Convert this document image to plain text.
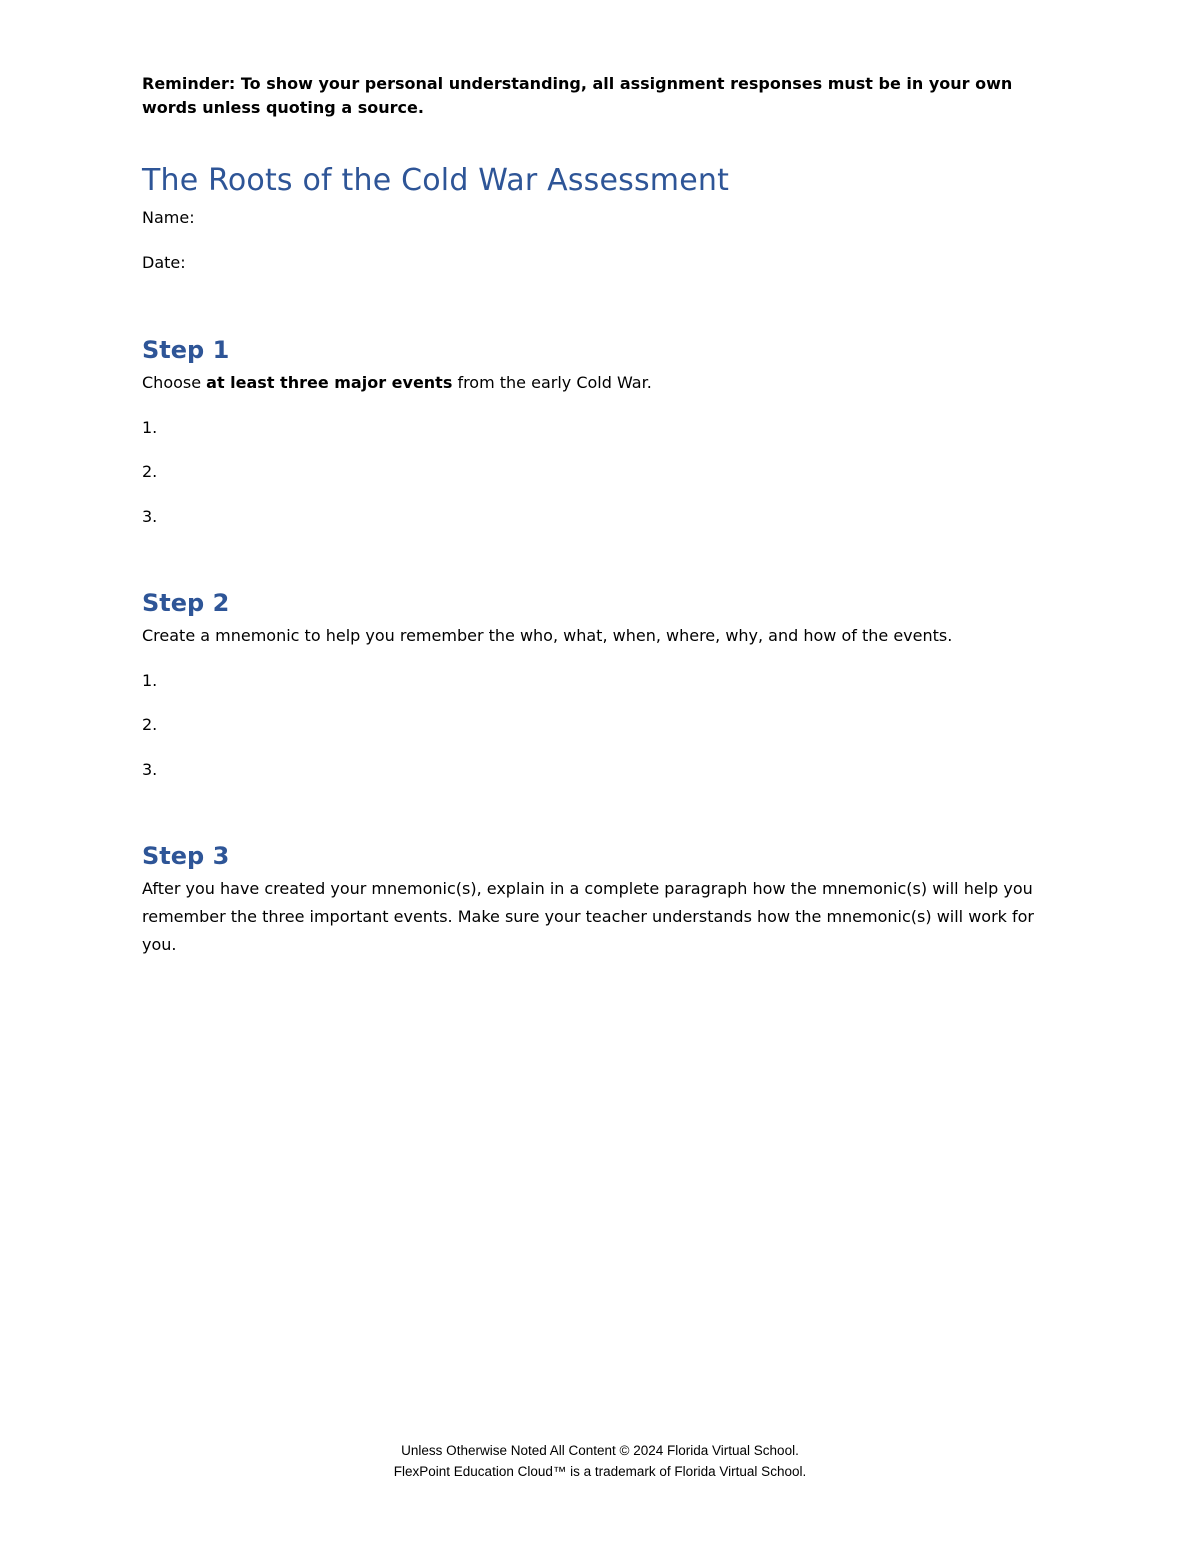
Reminder: To show your personal understanding, all assignment responses must be in your own words unless quoting a source.
The Roots of the Cold War Assessment
Name:
Date:
Step 1
Choose at least three major events from the early Cold War.
1.
2.
3.
Step 2
Create a mnemonic to help you remember the who, what, when, where, why, and how of the events.
1.
2.
3.
Step 3
After you have created your mnemonic(s), explain in a complete paragraph how the mnemonic(s) will help you remember the three important events. Make sure your teacher understands how the mnemonic(s) will work for you.
Unless Otherwise Noted All Content © 2024 Florida Virtual School.
FlexPoint Education Cloud™ is a trademark of Florida Virtual School.
